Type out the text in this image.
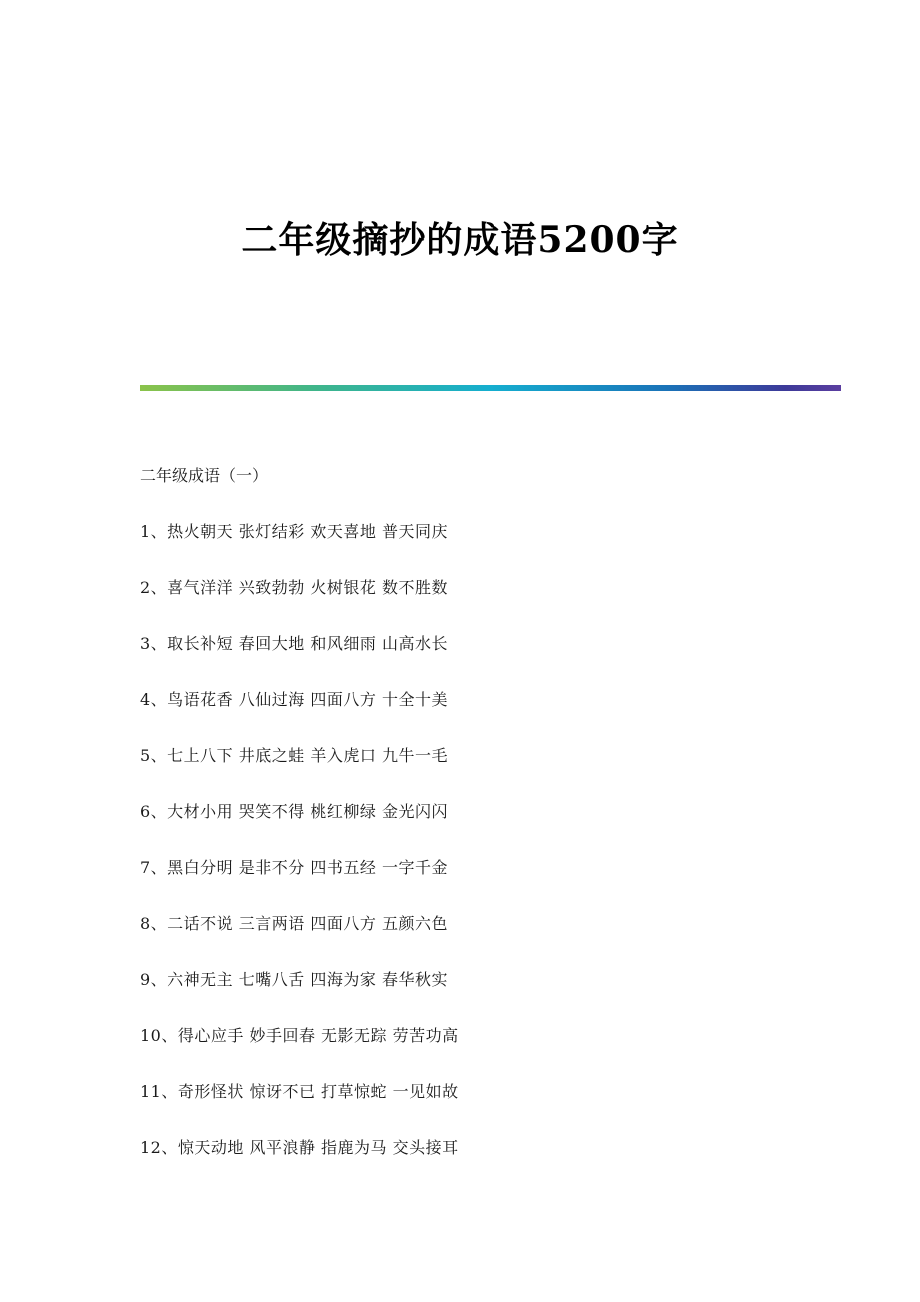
二年级摘抄的成语5200字
二年级成语（一）
1、热火朝天 张灯结彩 欢天喜地 普天同庆
2、喜气洋洋 兴致勃勃 火树银花 数不胜数
3、取长补短 春回大地 和风细雨 山高水长
4、鸟语花香 八仙过海 四面八方 十全十美
5、七上八下 井底之蛙 羊入虎口 九牛一毛
6、大材小用 哭笑不得 桃红柳绿 金光闪闪
7、黑白分明 是非不分 四书五经 一字千金
8、二话不说 三言两语 四面八方 五颜六色
9、六神无主 七嘴八舌 四海为家 春华秋实
10、得心应手 妙手回春 无影无踪 劳苦功高
11、奇形怪状 惊讶不已 打草惊蛇 一见如故
12、惊天动地 风平浪静 指鹿为马 交头接耳
